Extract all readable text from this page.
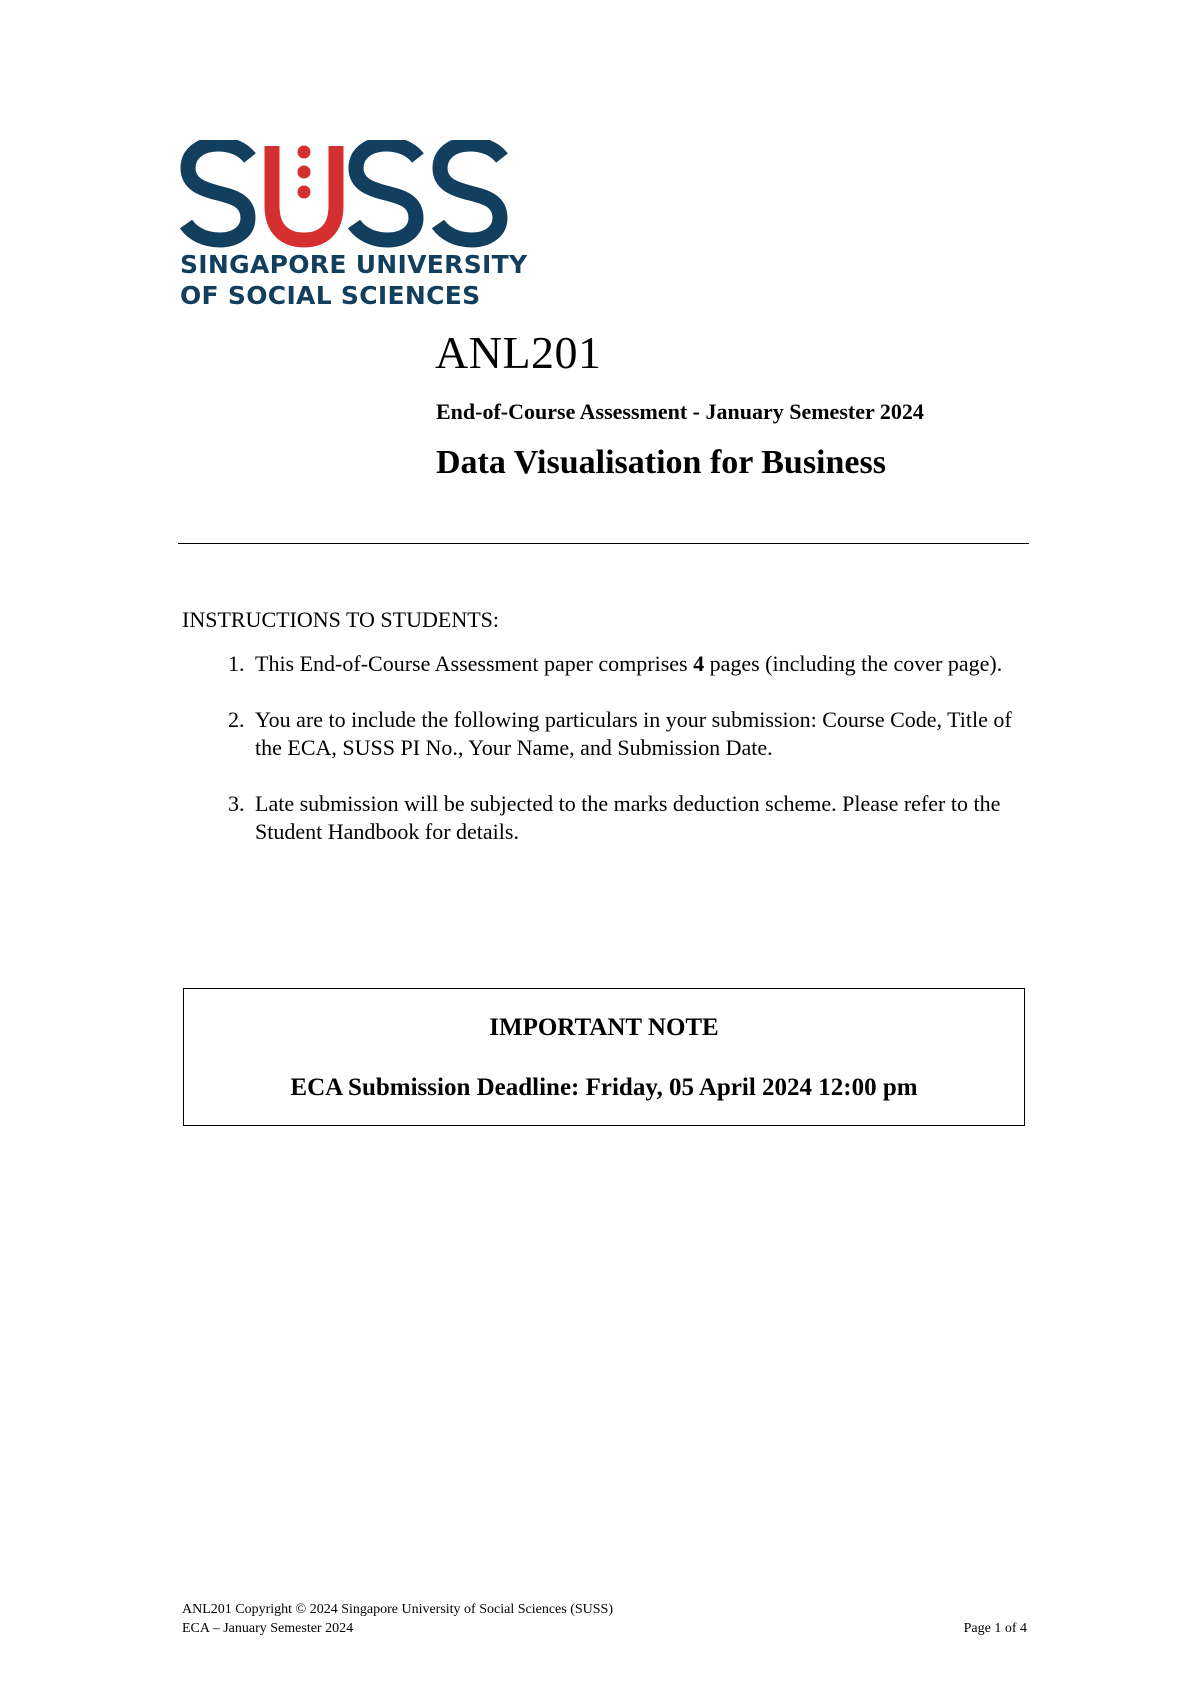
SINGAPORE UNIVERSITY
OF SOCIAL SCIENCES
ANL201
End-of-Course Assessment - January Semester 2024
Data Visualisation for Business
INSTRUCTIONS TO STUDENTS:
1. This End-of-Course Assessment paper comprises 4 pages (including the cover page).
2. You are to include the following particulars in your submission: Course Code, Title of the ECA, SUSS PI No., Your Name, and Submission Date.
3. Late submission will be subjected to the marks deduction scheme. Please refer to the Student Handbook for details.
IMPORTANT NOTE
ECA Submission Deadline: Friday, 05 April 2024 12:00 pm
ANL201 Copyright © 2024 Singapore University of Social Sciences (SUSS)
ECA – January Semester 2024	Page 1 of 4
